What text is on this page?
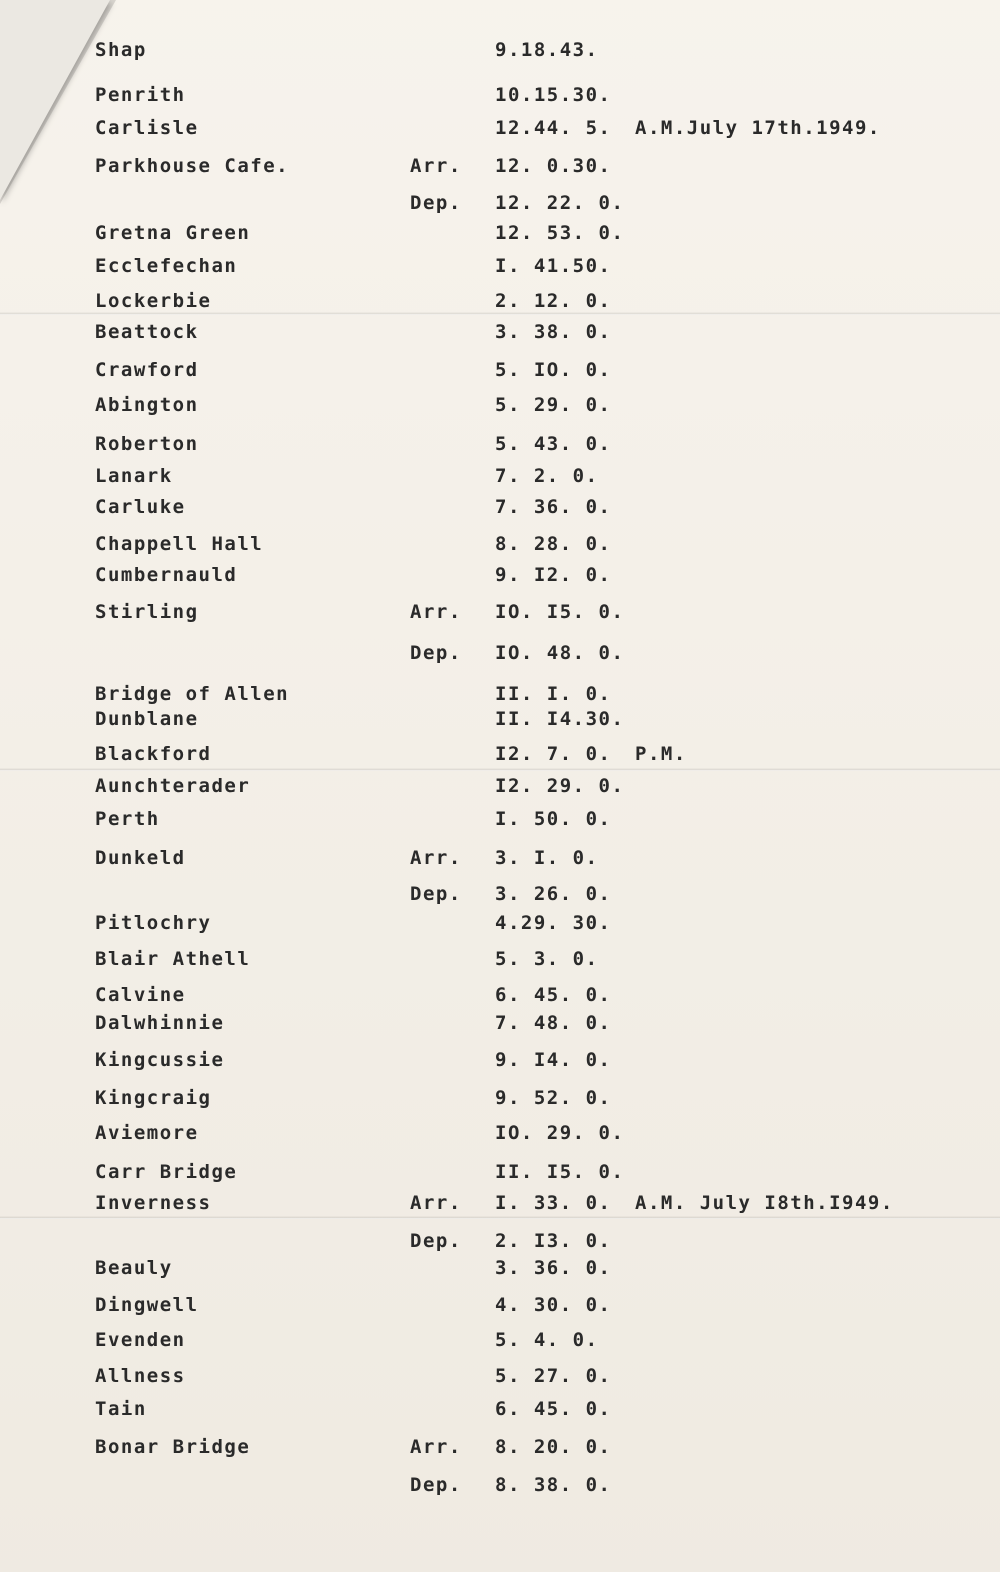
Shap	9.18.43.
Penrith	10.15.30.
Carlisle	12.44. 5. A.M.July 17th.1949.
Parkhouse Cafe.	Arr. 12. 0.30.
Dep. 12. 22. 0.
Gretna Green	12. 53. 0.
Ecclefechan	I. 41.50.
Lockerbie	2. 12. 0.
Beattock	3. 38. 0.
Crawford	5. IO. 0.
Abington	5. 29. 0.
Roberton	5. 43. 0.
Lanark	7. 2. 0.
Carluke	7. 36. 0.
Chappell Hall	8. 28. 0.
Cumbernauld	9. I2. 0.
Stirling	Arr. IO. I5. 0.
Dep. IO. 48. 0.
Bridge of Allen	II. I. 0.
Dunblane	II. I4.30.
Blackford	I2. 7. 0. P.M.
Aunchterader	I2. 29. 0.
Perth	I. 50. 0.
Dunkeld	Arr. 3. I. 0.
Dep. 3. 26. 0.
Pitlochry	4.29. 30.
Blair Athell	5. 3. 0.
Calvine	6. 45. 0.
Dalwhinnie	7. 48. 0.
Kingcussie	9. I4. 0.
Kingcraig	9. 52. 0.
Aviemore	IO. 29. 0.
Carr Bridge	II. I5. 0.
Inverness	Arr. I. 33. 0. A.M. July I8th.I949.
Dep. 2. I3. 0.
Beauly	3. 36. 0.
Dingwell	4. 30. 0.
Evenden	5. 4. 0.
Allness	5. 27. 0.
Tain	6. 45. 0.
Bonar Bridge	Arr. 8. 20. 0.
Dep. 8. 38. 0.
